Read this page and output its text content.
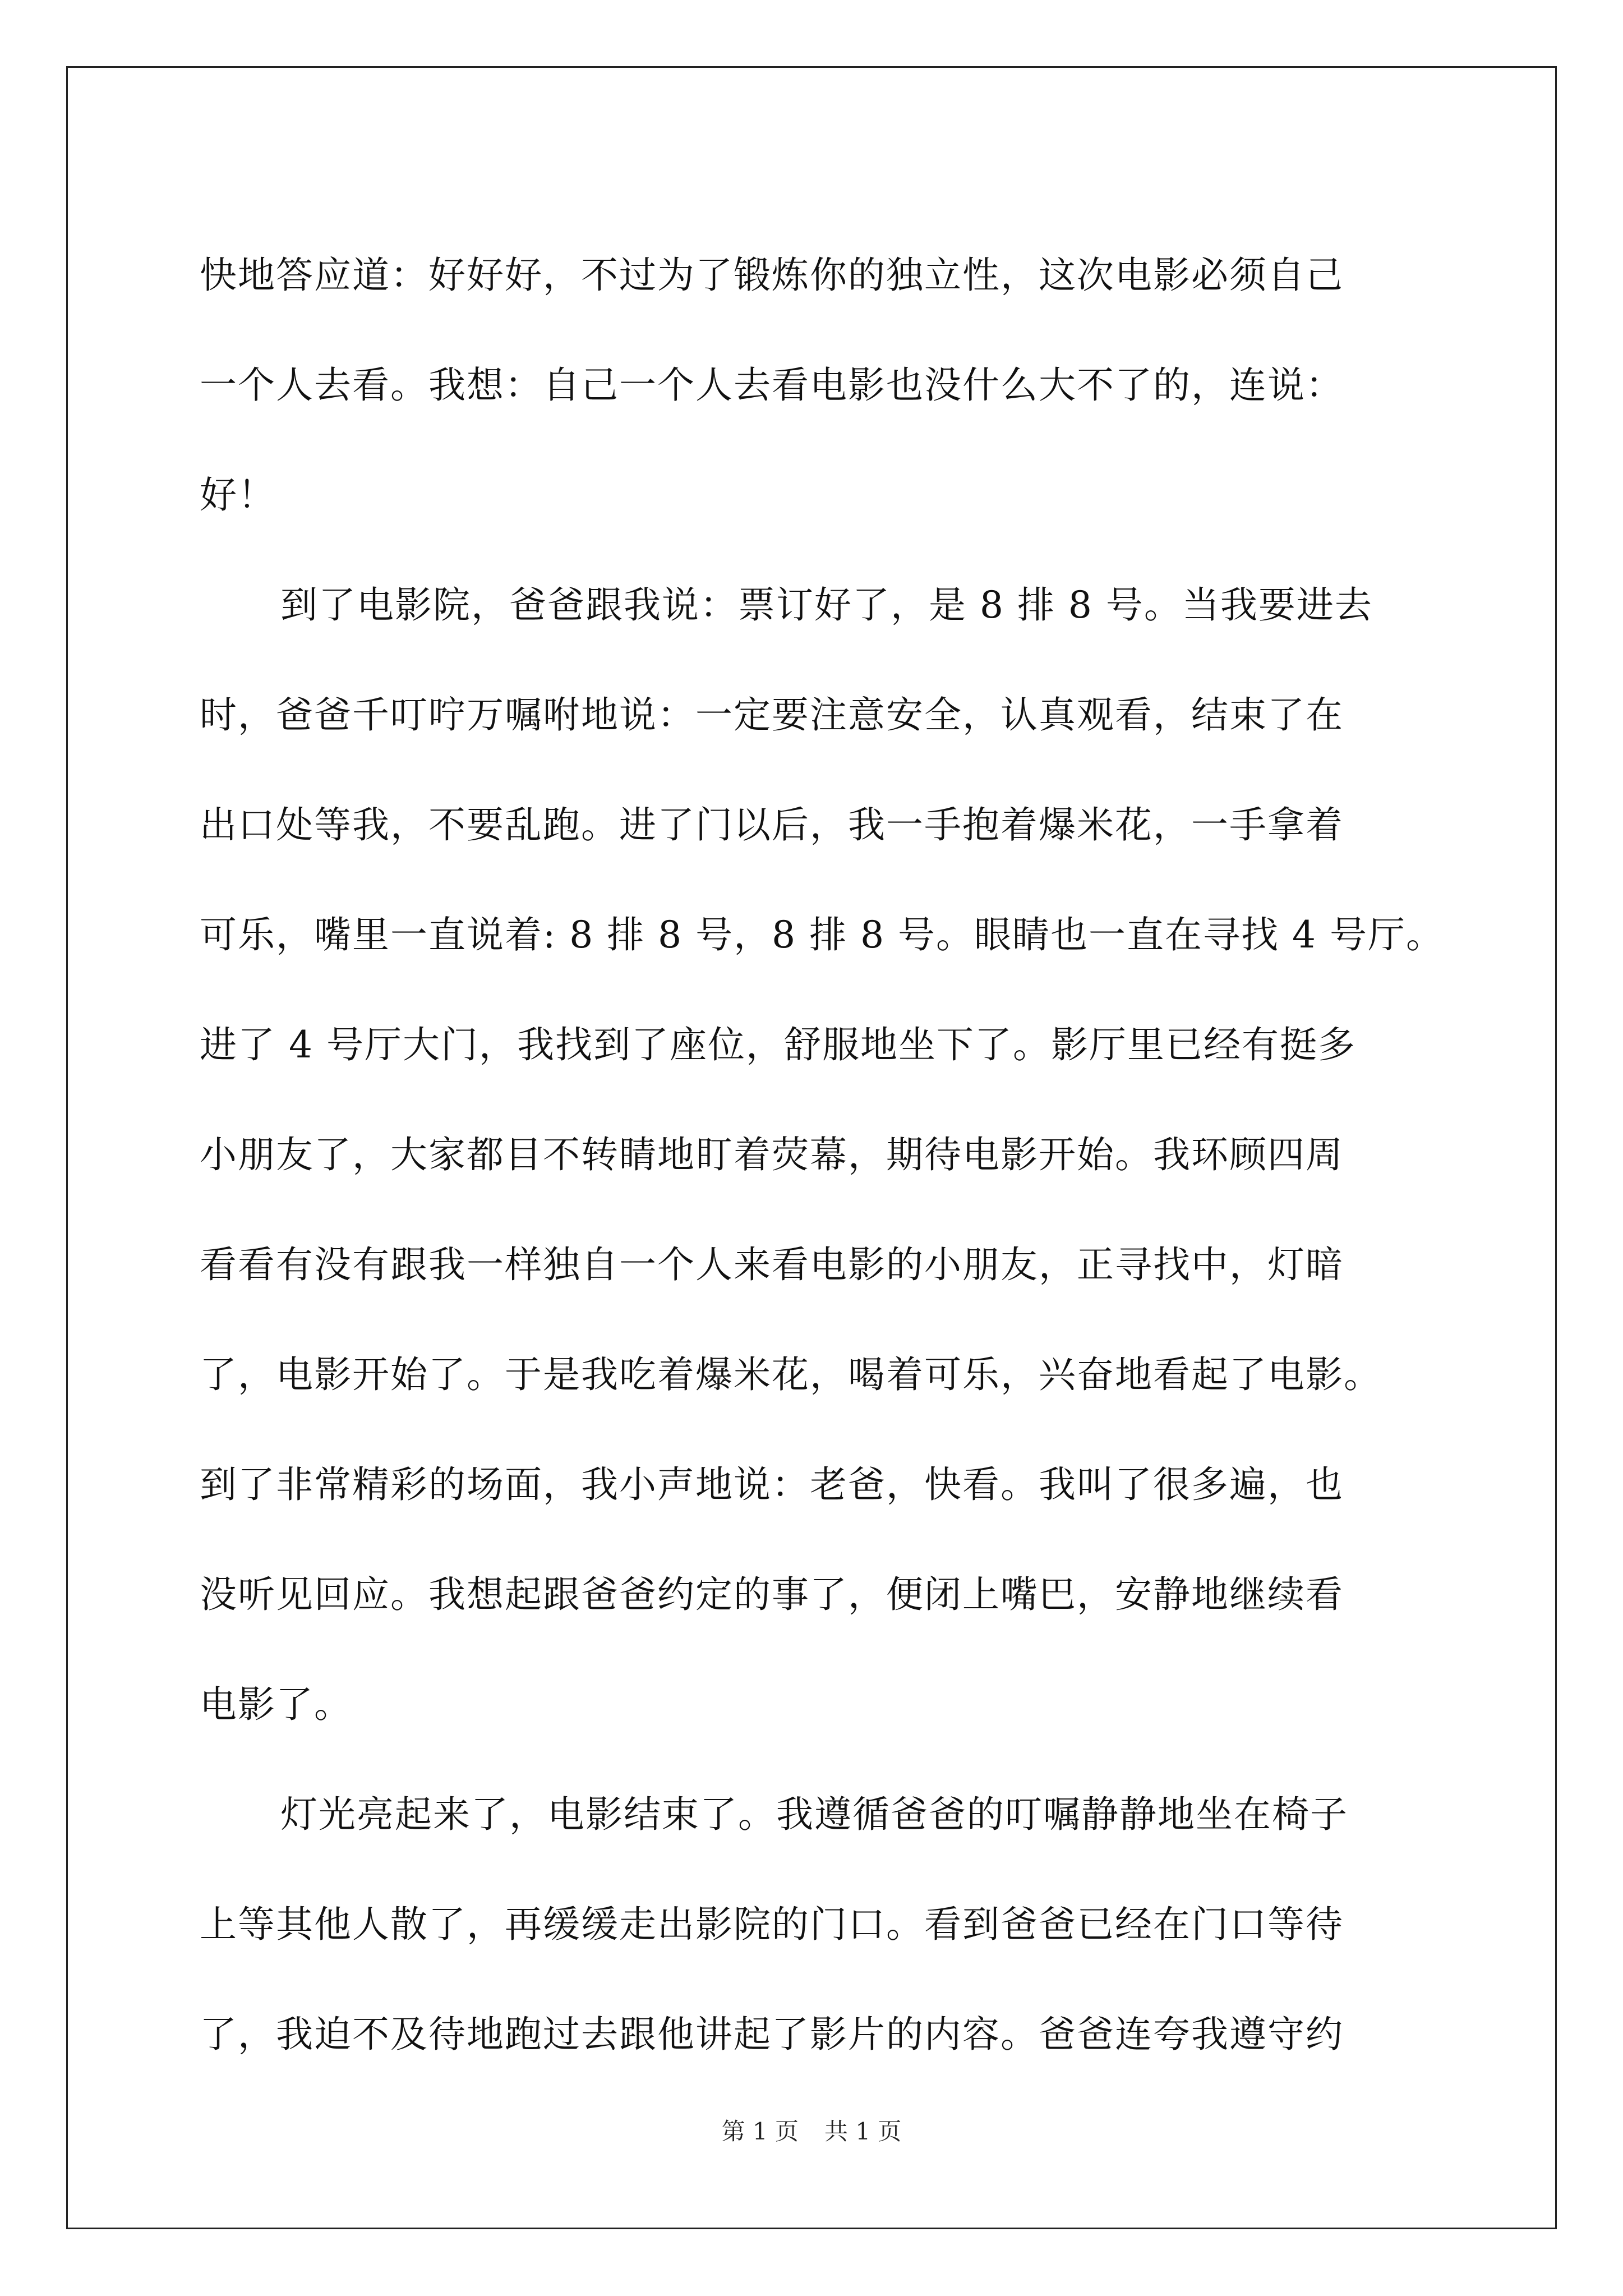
快地答应道：好好好，不过为了锻炼你的独立性，这次电影必须自己
一个人去看。我想：自己一个人去看电影也没什么大不了的，连说：
好！
到了电影院，爸爸跟我说：票订好了，是 8 排 8 号。当我要进去
时，爸爸千叮咛万嘱咐地说：一定要注意安全，认真观看，结束了在
出口处等我，不要乱跑。进了门以后，我一手抱着爆米花，一手拿着
可乐，嘴里一直说着: 8 排 8 号，8 排 8 号。眼睛也一直在寻找 4 号厅。
进了 4 号厅大门，我找到了座位，舒服地坐下了。影厅里已经有挺多
小朋友了，大家都目不转睛地盯着荧幕，期待电影开始。我环顾四周
看看有没有跟我一样独自一个人来看电影的小朋友，正寻找中，灯暗
了，电影开始了。于是我吃着爆米花，喝着可乐，兴奋地看起了电影。
到了非常精彩的场面，我小声地说：老爸，快看。我叫了很多遍，也
没听见回应。我想起跟爸爸约定的事了，便闭上嘴巴，安静地继续看
电影了。
灯光亮起来了，电影结束了。我遵循爸爸的叮嘱静静地坐在椅子
上等其他人散了，再缓缓走出影院的门口。看到爸爸已经在门口等待
了，我迫不及待地跑过去跟他讲起了影片的内容。爸爸连夸我遵守约
第 1 页 共 1 页
